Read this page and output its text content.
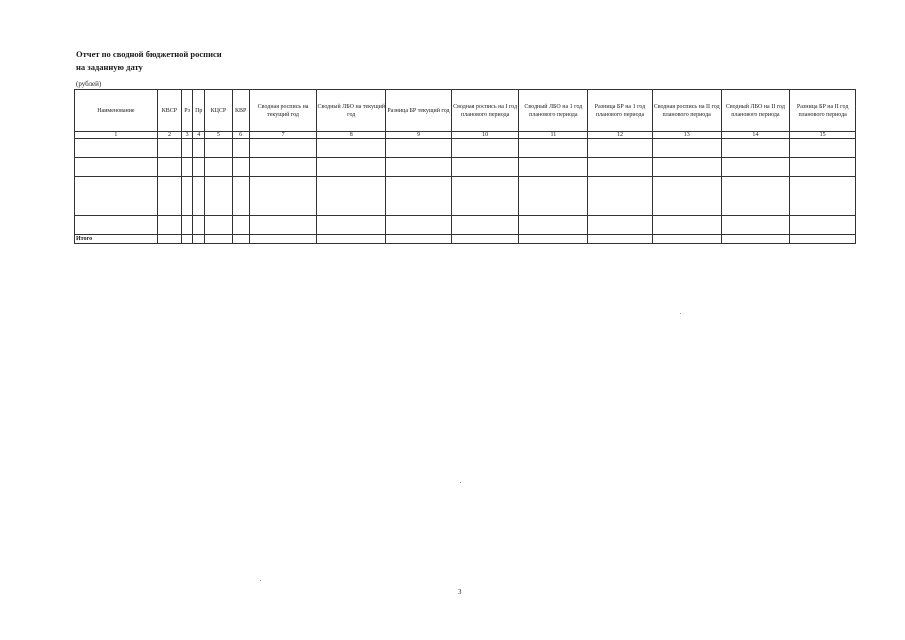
Отчет по сводной бюджетной росписи
на заданную дату
(рублей)
Наименование	КВСР	Рз	Пр	КЦСР	КВР	Сводная роспись на текущий год	Сводный ЛБО на текущий год	Разница БР текущий год	Сводная роспись на I год планового периода	Сводный ЛБО на 1 год планового периода	Разница БР на 1 год планового периода	Сводная роспись на II год планового периода	Сводный ЛБО на II год планового периода	Разница БР на II год планового периода
1	2	3	4	5	6	7	8	9	10	11	12	13	14	15

Итого														
3
